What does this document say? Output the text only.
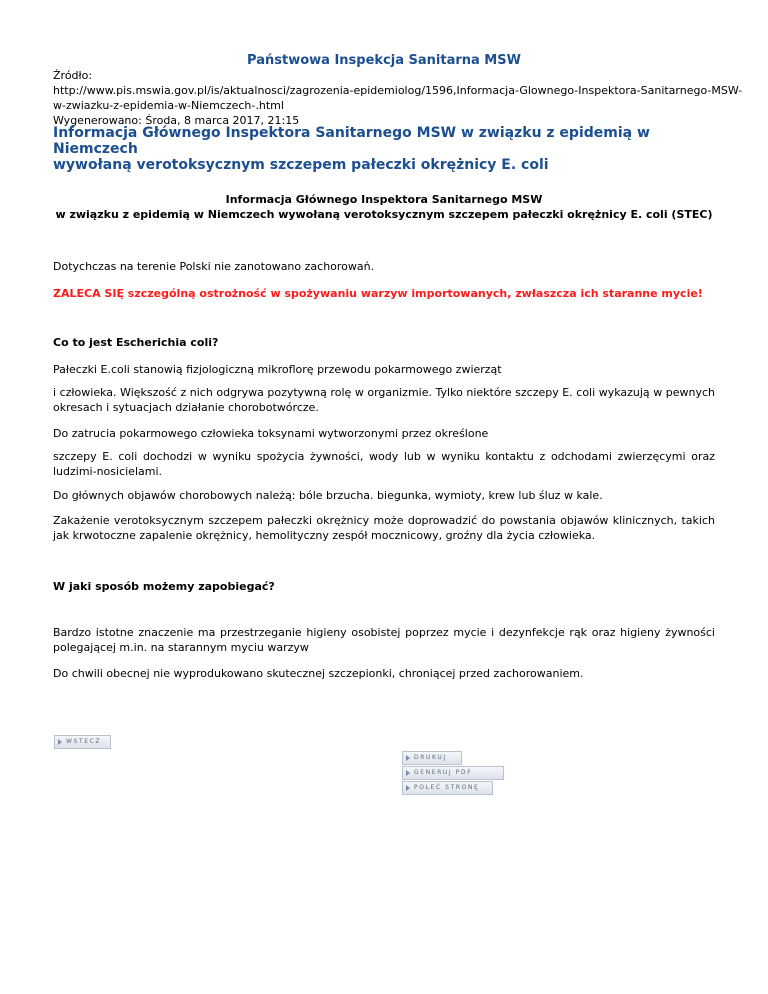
Państwowa Inspekcja Sanitarna MSW
Źródło:
http://www.pis.mswia.gov.pl/is/aktualnosci/zagrozenia-epidemiolog/1596,Informacja-Glownego-Inspektora-Sanitarnego-MSW-
w-zwiazku-z-epidemia-w-Niemczech-.html
Wygenerowano: Środa, 8 marca 2017, 21:15
Informacja Głównego Inspektora Sanitarnego MSW w związku z epidemią w Niemczech
wywołaną verotoksycznym szczepem pałeczki okrężnicy E. coli
Informacja Głównego Inspektora Sanitarnego MSW
w związku z epidemią w Niemczech wywołaną verotoksycznym szczepem pałeczki okrężnicy E. coli (STEC)
Dotychczas na terenie Polski nie zanotowano zachorowań.
ZALECA SIĘ szczególną ostrożność w spożywaniu warzyw importowanych, zwłaszcza ich staranne mycie!
Co to jest Escherichia coli?
Pałeczki E.coli stanowią fizjologiczną mikroflorę przewodu pokarmowego zwierząt
i człowieka. Większość z nich odgrywa pozytywną rolę w organizmie. Tylko niektóre szczepy E. coli wykazują w pewnych okresach i sytuacjach działanie chorobotwórcze.
Do zatrucia pokarmowego człowieka toksynami wytworzonymi przez określone
szczepy E. coli dochodzi w wyniku spożycia żywności, wody lub w wyniku kontaktu z odchodami zwierzęcymi oraz ludzimi-nosicielami.
Do głównych objawów chorobowych należą: bóle brzucha. biegunka, wymioty, krew lub śluz w kale.
Zakażenie verotoksycznym szczepem pałeczki okrężnicy może doprowadzić do powstania objawów klinicznych, takich jak krwotoczne zapalenie okrężnicy, hemolityczny zespół mocznicowy, groźny dla życia człowieka.
W jaki sposób możemy zapobiegać?
Bardzo istotne znaczenie ma przestrzeganie higieny osobistej poprzez mycie i dezynfekcje rąk oraz higieny żywności polegającej m.in. na starannym myciu warzyw
Do chwili obecnej nie wyprodukowano skutecznej szczepionki, chroniącej przed zachorowaniem.
WSTECZ
DRUKUJ
GENERUJ PDF
POLEĆ STRONĘ
